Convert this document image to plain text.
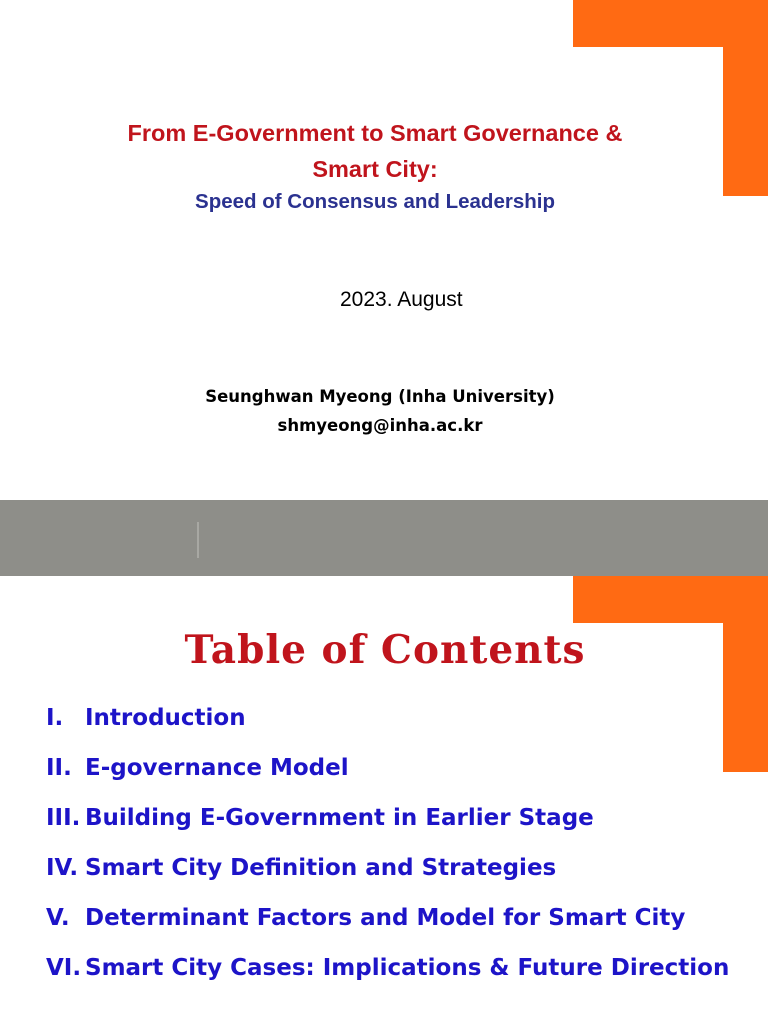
From E-Government to Smart Governance &
Smart City:
Speed of Consensus and Leadership
2023. August
Seunghwan Myeong (Inha University)
shmyeong@inha.ac.kr
Table of Contents
I. Introduction
II. E-governance Model
III. Building E-Government in Earlier Stage
IV. Smart City Definition and Strategies
V. Determinant Factors and Model for Smart City
VI. Smart City Cases: Implications & Future Direction
